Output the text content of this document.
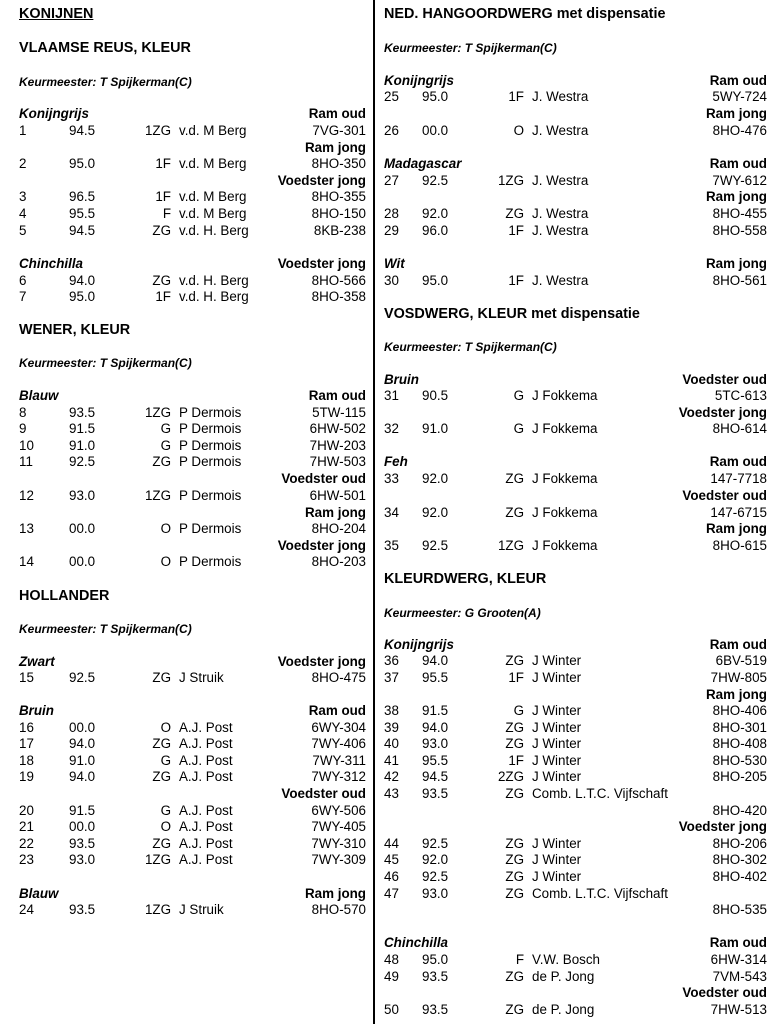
KONIJNEN
VLAAMSE REUS, KLEUR
Keurmeester: T Spijkerman(C)
Konijngrijs	Ram oud
1	94.5	1ZG v.d. M Berg	7VG-301
Ram jong
2	95.0	1F v.d. M Berg	8HO-350
Voedster jong
3	96.5	1F v.d. M Berg	8HO-355
4	95.5	F v.d. M Berg	8HO-150
5	94.5	ZG v.d. H. Berg	8KB-238
Chinchilla	Voedster jong
6	94.0	ZG v.d. H. Berg	8HO-566
7	95.0	1F v.d. H. Berg	8HO-358
WENER, KLEUR
Keurmeester: T Spijkerman(C)
Blauw	Ram oud
8	93.5	1ZG P Dermois	5TW-115
9	91.5	G P Dermois	6HW-502
10	91.0	G P Dermois	7HW-203
11	92.5	ZG P Dermois	7HW-503
Voedster oud
12	93.0	1ZG P Dermois	6HW-501
Ram jong
13	00.0	O P Dermois	8HO-204
Voedster jong
14	00.0	O P Dermois	8HO-203
HOLLANDER
Keurmeester: T Spijkerman(C)
Zwart	Voedster jong
15	92.5	ZG J Struik	8HO-475
Bruin	Ram oud
16	00.0	O A.J. Post	6WY-304
17	94.0	ZG A.J. Post	7WY-406
18	91.0	G A.J. Post	7WY-311
19	94.0	ZG A.J. Post	7WY-312
Voedster oud
20	91.5	G A.J. Post	6WY-506
21	00.0	O A.J. Post	7WY-405
22	93.5	ZG A.J. Post	7WY-310
23	93.0	1ZG A.J. Post	7WY-309
Blauw	Ram jong
24	93.5	1ZG J Struik	8HO-570
NED. HANGOORDWERG met dispensatie
Keurmeester: T Spijkerman(C)
Konijngrijs	Ram oud
25 95.0	1F J. Westra	5WY-724
Ram jong
26 00.0	O J. Westra	8HO-476
Madagascar	Ram oud
27 92.5	1ZG J. Westra	7WY-612
Ram jong
28 92.0	ZG J. Westra	8HO-455
29 96.0	1F J. Westra	8HO-558
Wit	Ram jong
30 95.0	1F J. Westra	8HO-561
VOSDWERG, KLEUR met dispensatie
Keurmeester: T Spijkerman(C)
Bruin	Voedster oud
31 90.5	G J Fokkema	5TC-613
Voedster jong
32 91.0	G J Fokkema	8HO-614
Feh	Ram oud
33 92.0	ZG J Fokkema	147-7718
Voedster oud
34 92.0	ZG J Fokkema	147-6715
Ram jong
35 92.5	1ZG J Fokkema	8HO-615
KLEURDWERG, KLEUR
Keurmeester: G Grooten(A)
Konijngrijs	Ram oud
36 94.0	ZG J Winter	6BV-519
37 95.5	1F J Winter	7HW-805
Ram jong
38 91.5	G J Winter	8HO-406
39 94.0	ZG J Winter	8HO-301
40 93.0	ZG J Winter	8HO-408
41 95.5	1F J Winter	8HO-530
42 94.5	2ZG J Winter	8HO-205
43 93.5	ZG Comb. L.T.C. Vijfschaft
8HO-420
Voedster jong
44 92.5	ZG J Winter	8HO-206
45 92.0	ZG J Winter	8HO-302
46 92.5	ZG J Winter	8HO-402
47 93.0	ZG Comb. L.T.C. Vijfschaft
8HO-535
Chinchilla	Ram oud
48 95.0	F V.W. Bosch	6HW-314
49 93.5	ZG de P. Jong	7VM-543
Voedster oud
50 93.5	ZG de P. Jong	7HW-513
